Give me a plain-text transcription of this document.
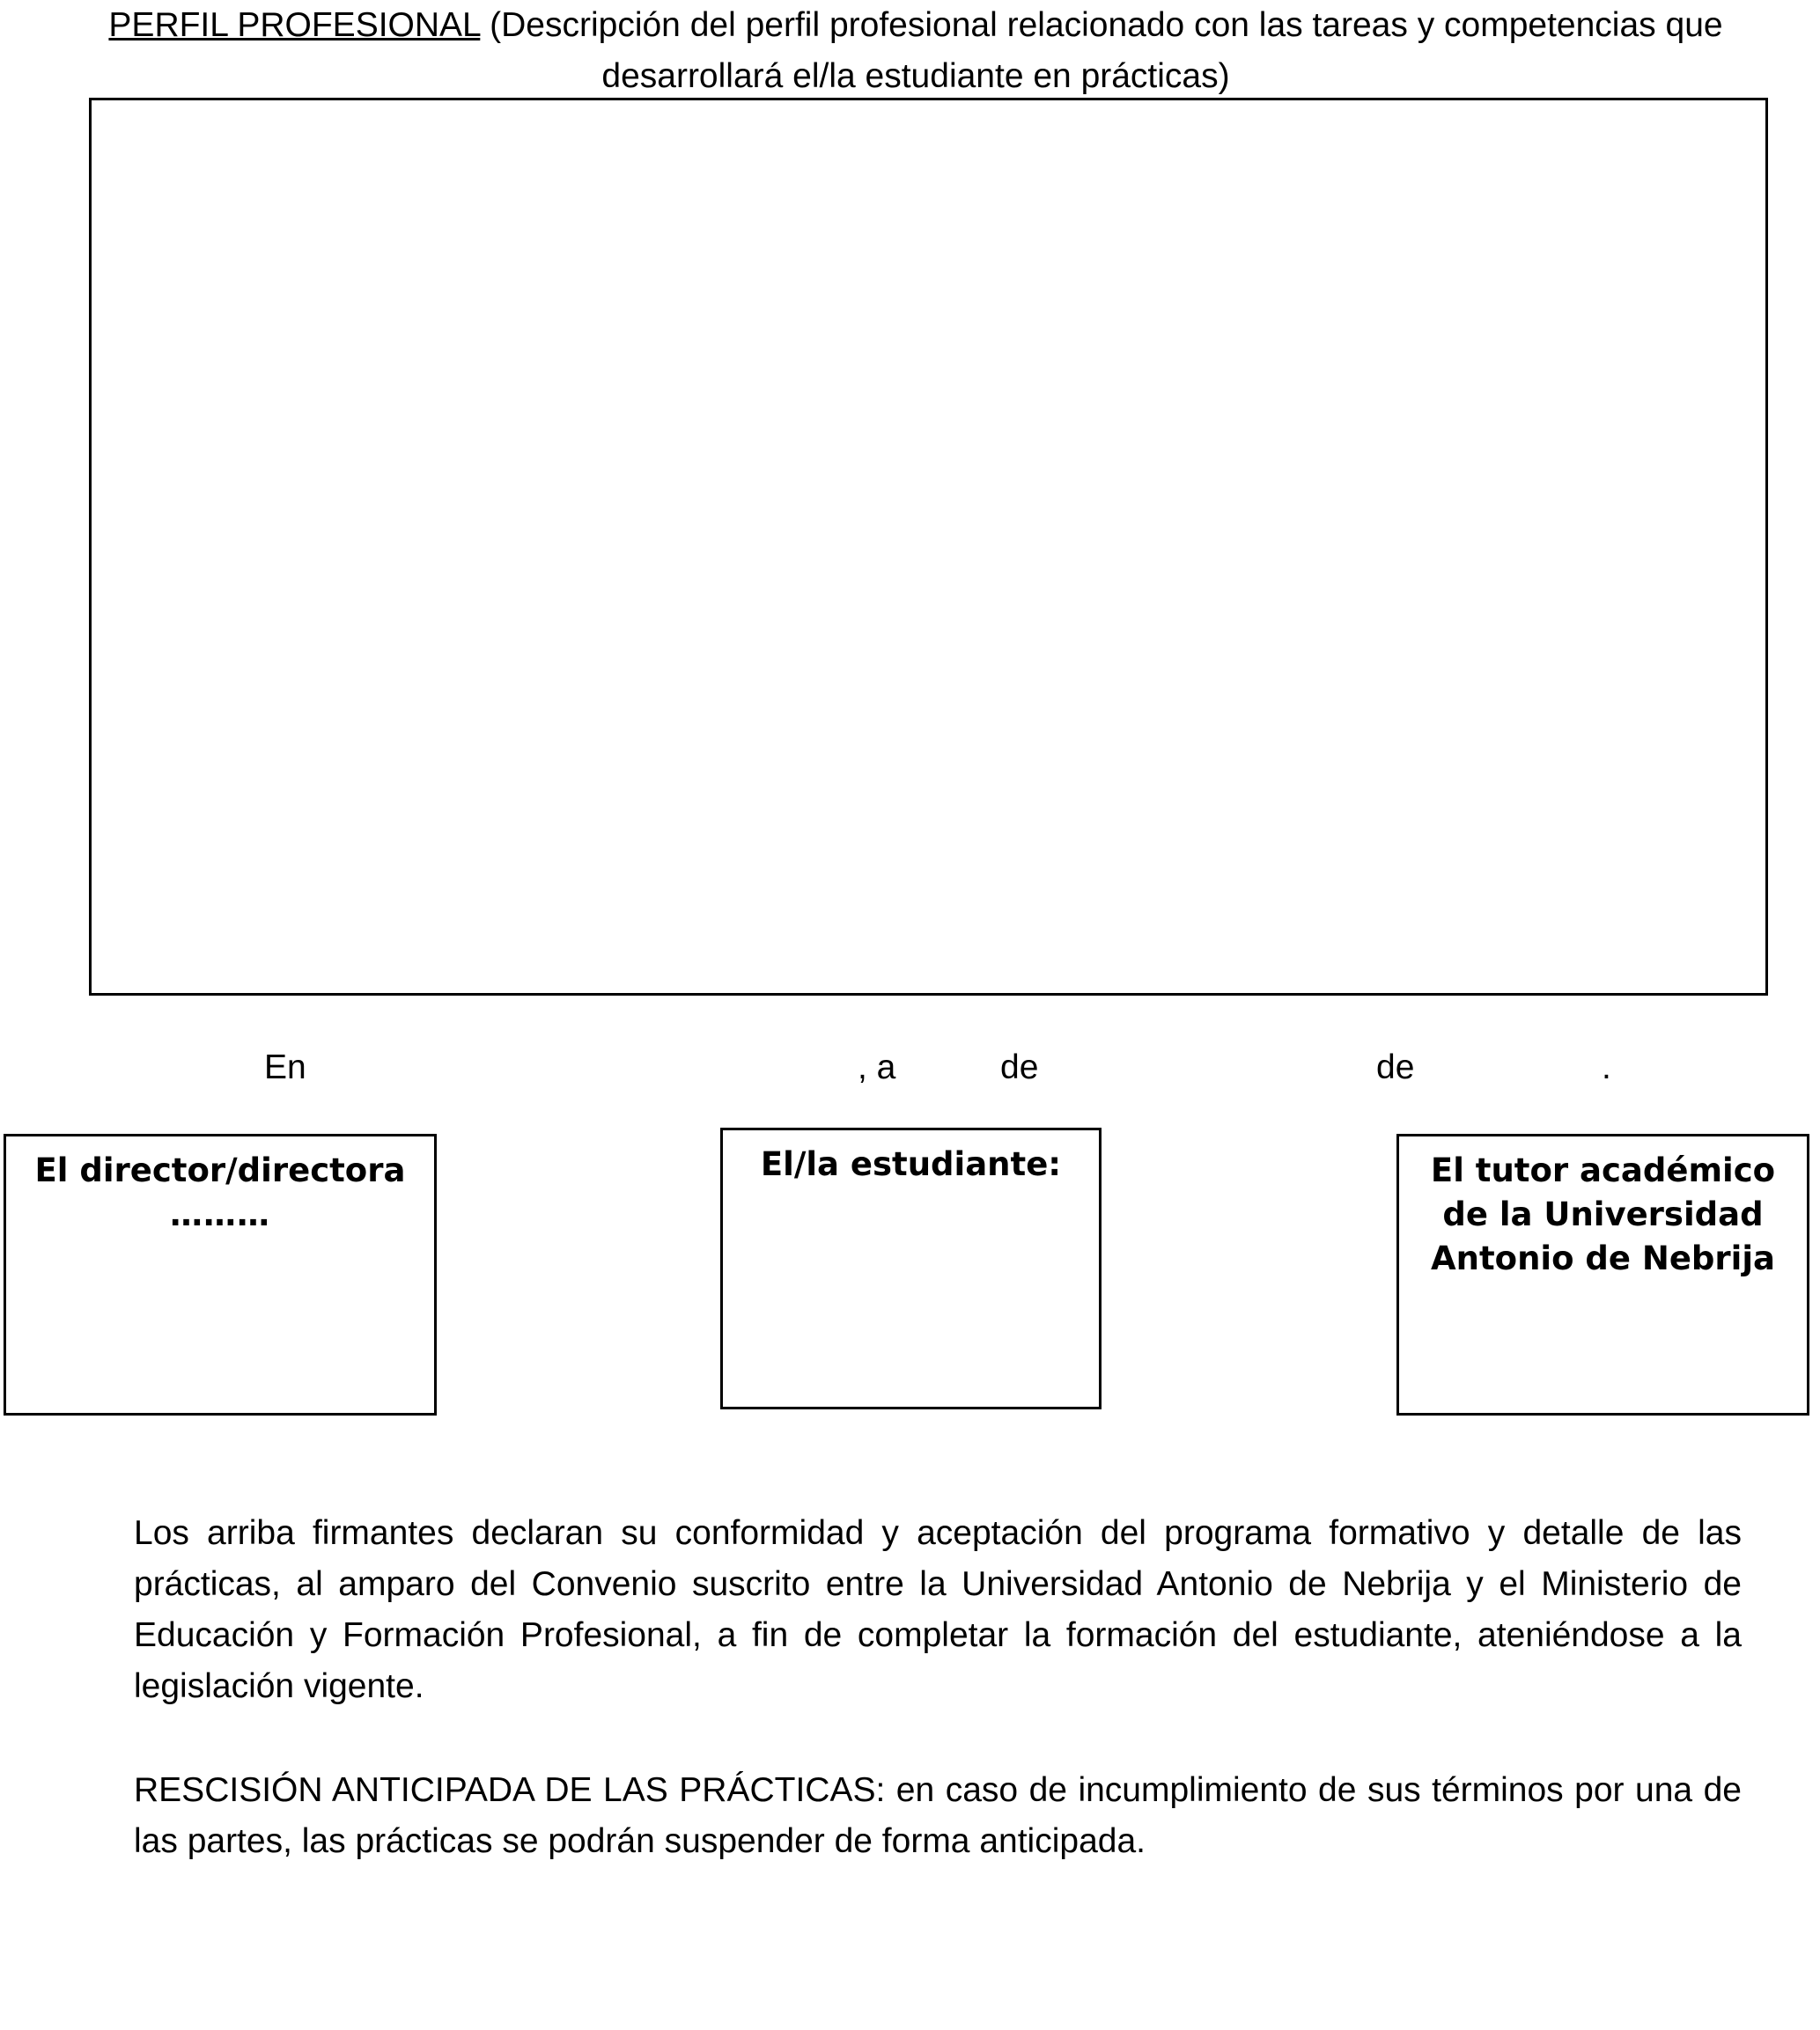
PERFIL PROFESIONAL (Descripción del perfil profesional relacionado con las tareas y competencias que desarrollará el/la estudiante en prácticas)
En	, a	de	de	.
El director/directora
………
El/la estudiante:	El tutor académico
de la Universidad
Antonio de Nebrija
Los arriba firmantes declaran su conformidad y aceptación del programa formativo y detalle de las prácticas, al amparo del Convenio suscrito entre la Universidad Antonio de Nebrija y el Ministerio de Educación y Formación Profesional, a fin de completar la formación del estudiante, ateniéndose a la legislación vigente.
RESCISIÓN ANTICIPADA DE LAS PRÁCTICAS: en caso de incumplimiento de sus términos por una de las partes, las prácticas se podrán suspender de forma anticipada.
